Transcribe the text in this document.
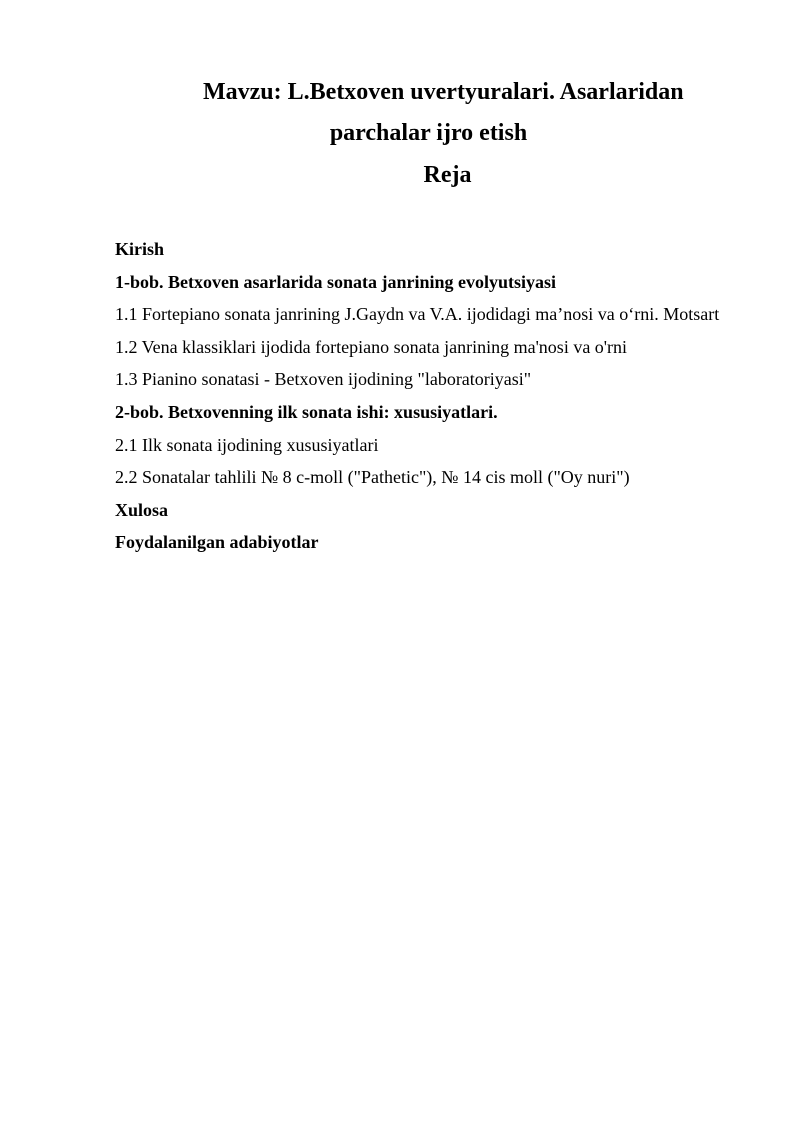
Mavzu: L.Betxoven uvertyuralari. Asarlaridan
parchalar ijro etish
Reja
Kirish
1-bob. Betxoven asarlarida sonata janrining evolyutsiyasi
1.1 Fortepiano sonata janrining J.Gaydn va V.A. ijodidagi ma’nosi va o‘rni. Motsart
1.2 Vena klassiklari ijodida fortepiano sonata janrining ma'nosi va o'rni
1.3 Pianino sonatasi - Betxoven ijodining "laboratoriyasi"
2-bob. Betxovenning ilk sonata ishi: xususiyatlari.
2.1 Ilk sonata ijodining xususiyatlari
2.2 Sonatalar tahlili № 8 c-moll ("Pathetic"), № 14 cis moll ("Oy nuri")
Xulosa
Foydalanilgan adabiyotlar
